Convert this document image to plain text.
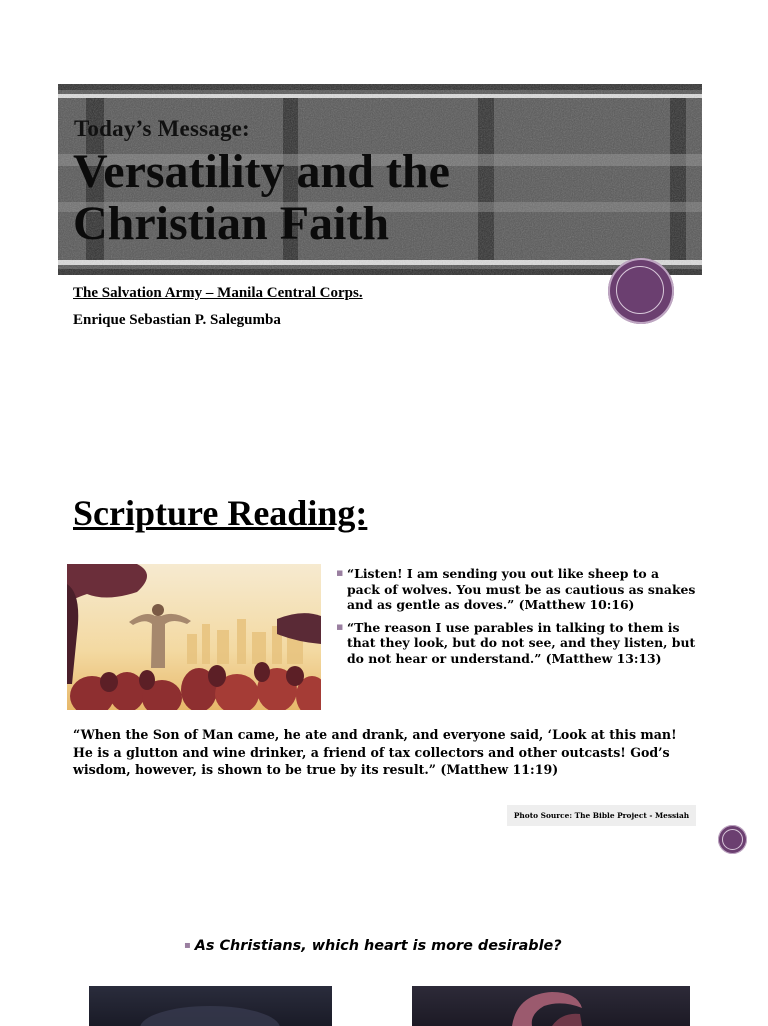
Today’s Message:
Versatility and the
Christian Faith
The Salvation Army – Manila Central Corps.
Enrique Sebastian P. Salegumba
Scripture Reading:
▪ “Listen! I am sending you out like sheep to a pack of wolves. You must be as cautious as snakes and as gentle as doves.” (Matthew 10:16)
▪ “The reason I use parables in talking to them is that they look, but do not see, and they listen, but do not hear or understand.” (Matthew 13:13)

“When the Son of Man came, he ate and drank, and everyone said, ‘Look at this man! He is a glutton and wine drinker, a friend of tax collectors and other outcasts! God’s wisdom, however, is shown to be true by its result.” (Matthew 11:19)

Photo Source: The Bible Project - Messiah

▪ As Christians, which heart is more desirable?
